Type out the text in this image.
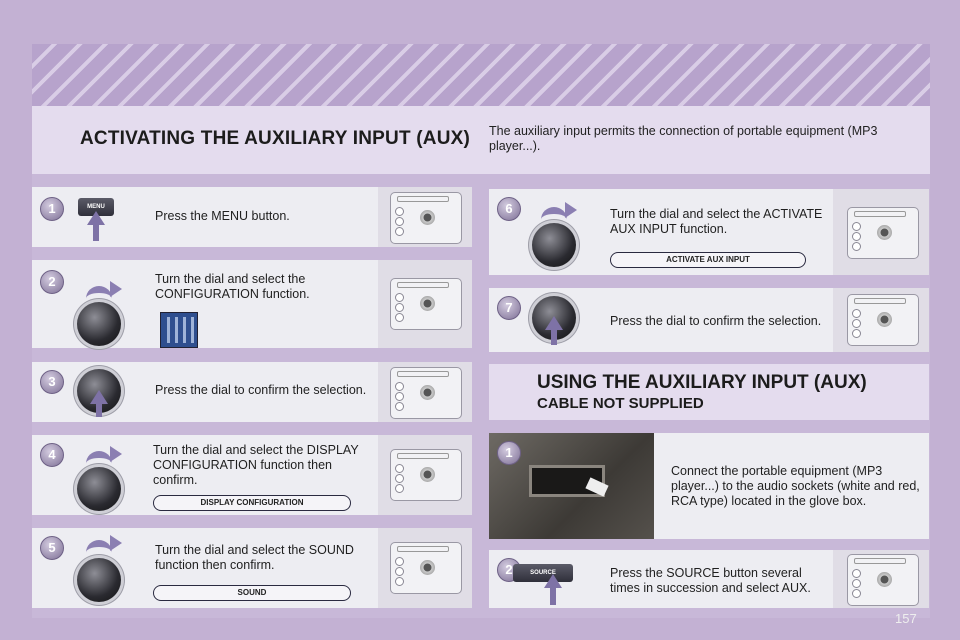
ACTIVATING THE AUXILIARY INPUT (AUX) The auxiliary input permits the connection of portable equipment (MP3 player...).

1	MENU
Press the MENU button.
2	Turn the dial and select the CONFIGURATION function.
3
Press the dial to confirm the selection.
4	Turn the dial and select the DISPLAY CONFIGURATION function then confirm.
DISPLAY CONFIGURATION
5	Turn the dial and select the SOUND function then confirm.
SOUND
6	Turn the dial and select the ACTIVATE AUX INPUT function.
ACTIVATE AUX INPUT
7
Press the dial to confirm the selection.
USING THE AUXILIARY INPUT (AUX)
CABLE NOT SUPPLIED
Connect the portable equipment (MP3 player...) to the audio sockets (white and red, RCA type) located in the glove box.
1
2	SOURCE	Press the SOURCE button several times in succession and select AUX.
157
